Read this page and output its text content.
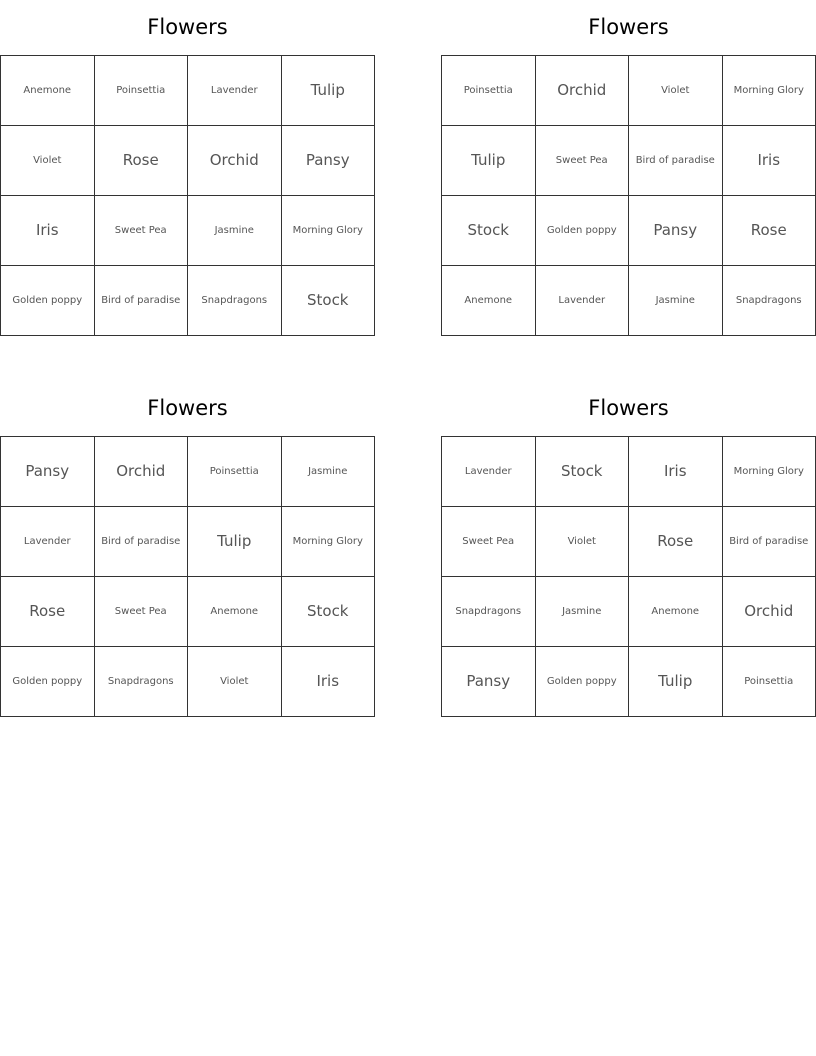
Flowers
Anemone	Poinsettia	Lavender	Tulip
Violet	Rose	Orchid	Pansy
Iris	Sweet Pea	Jasmine	Morning Glory
Golden poppy	Bird of paradise	Snapdragons	Stock
Flowers
Poinsettia	Orchid	Violet	Morning Glory
Tulip	Sweet Pea	Bird of paradise	Iris
Stock	Golden poppy	Pansy	Rose
Anemone	Lavender	Jasmine	Snapdragons
Flowers
Pansy	Orchid	Poinsettia	Jasmine
Lavender	Bird of paradise	Tulip	Morning Glory
Rose	Sweet Pea	Anemone	Stock
Golden poppy	Snapdragons	Violet	Iris
Flowers
Lavender	Stock	Iris	Morning Glory
Sweet Pea	Violet	Rose	Bird of paradise
Snapdragons	Jasmine	Anemone	Orchid
Pansy	Golden poppy	Tulip	Poinsettia
